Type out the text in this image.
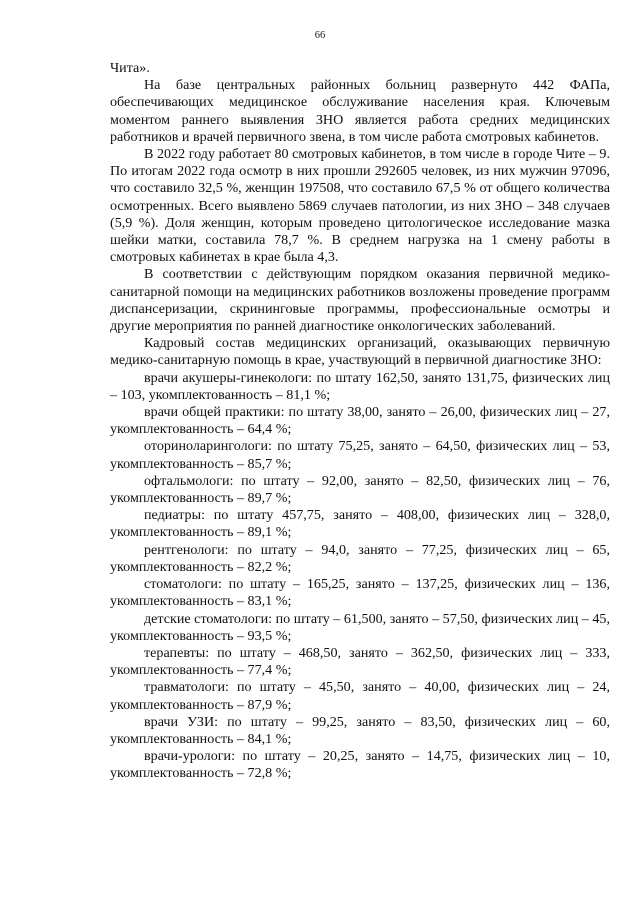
66

Чита».

На базе центральных районных больниц развернуто 442 ФАПа, обеспечивающих медицинское обслуживание населения края. Ключевым моментом раннего выявления ЗНО является работа средних медицинских работников и врачей первичного звена, в том числе работа смотровых кабинетов.

В 2022 году работает 80 смотровых кабинетов, в том числе в городе Чите – 9. По итогам 2022 года осмотр в них прошли 292605 человек, из них мужчин 97096, что составило 32,5 %, женщин 197508, что составило 67,5 % от общего количества осмотренных. Всего выявлено 5869 случаев патологии, из них ЗНО – 348 случаев (5,9 %). Доля женщин, которым проведено цитологическое исследование мазка шейки матки, составила 78,7 %. В среднем нагрузка на 1 смену работы в смотровых кабинетах в крае была 4,3.

В соответствии с действующим порядком оказания первичной медико-санитарной помощи на медицинских работников возложены проведение программ диспансеризации, скрининговые программы, профессиональные осмотры и другие мероприятия по ранней диагностике онкологических заболеваний.

Кадровый состав медицинских организаций, оказывающих первичную медико-санитарную помощь в крае, участвующий в первичной диагностике ЗНО:

врачи акушеры-гинекологи: по штату 162,50, занято 131,75, физических лиц – 103, укомплектованность – 81,1 %;

врачи общей практики: по штату 38,00, занято – 26,00, физических лиц – 27, укомплектованность – 64,4 %;

оториноларингологи: по штату 75,25, занято – 64,50, физических лиц – 53, укомплектованность – 85,7 %;

офтальмологи: по штату – 92,00, занято – 82,50, физических лиц – 76, укомплектованность – 89,7 %;

педиатры: по штату 457,75, занято – 408,00, физических лиц – 328,0, укомплектованность – 89,1 %;

рентгенологи: по штату – 94,0, занято – 77,25, физических лиц – 65, укомплектованность – 82,2 %;

стоматологи: по штату – 165,25, занято – 137,25, физических лиц – 136, укомплектованность – 83,1 %;

детские стоматологи: по штату – 61,500, занято – 57,50, физических лиц – 45, укомплектованность – 93,5 %;

терапевты: по штату – 468,50, занято – 362,50, физических лиц – 333, укомплектованность – 77,4 %;

травматологи: по штату – 45,50, занято – 40,00, физических лиц – 24, укомплектованность – 87,9 %;

врачи УЗИ: по штату – 99,25, занято – 83,50, физических лиц – 60, укомплектованность – 84,1 %;

врачи-урологи: по штату – 20,25, занято – 14,75, физических лиц – 10, укомплектованность – 72,8 %;
